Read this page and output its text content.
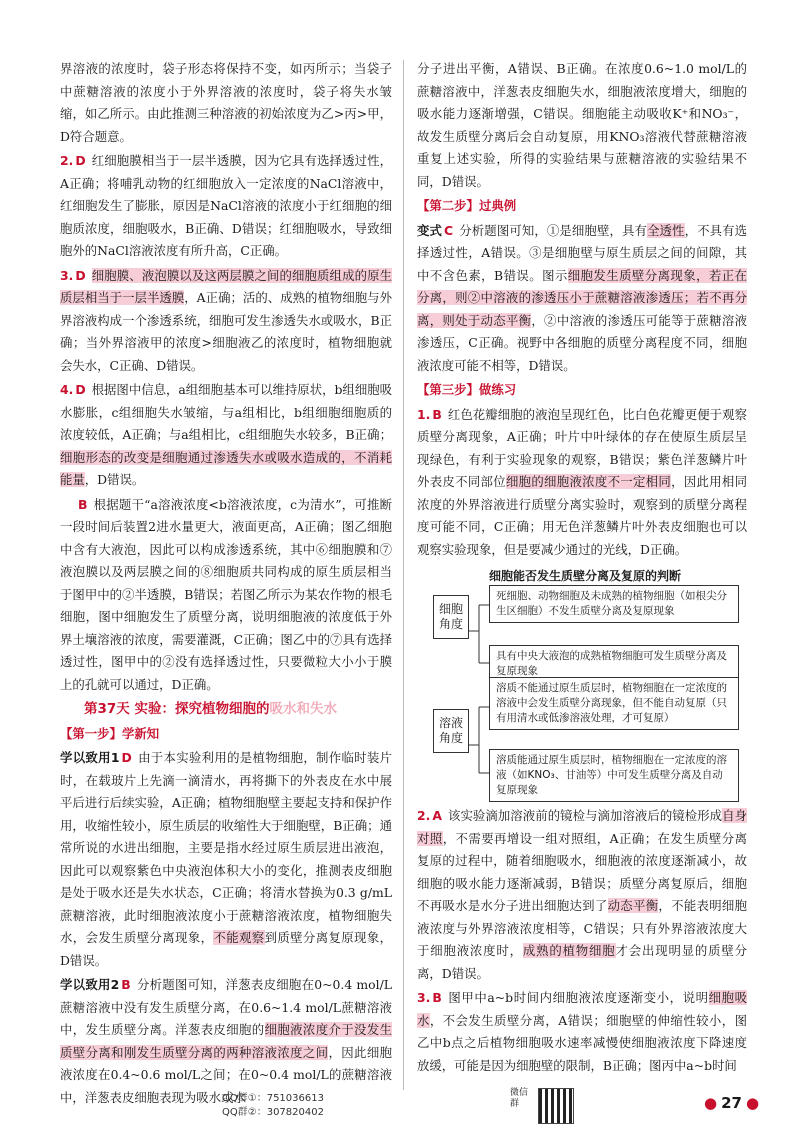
界溶液的浓度时，袋子形态将保持不变，如丙所示；当袋子中蔗糖溶液的浓度小于外界溶液的浓度时，袋子将失水皱缩，如乙所示。由此推测三种溶液的初始浓度为乙>丙>甲，D符合题意。

2. D 红细胞膜相当于一层半透膜，因为它具有选择透过性，A正确；将哺乳动物的红细胞放入一定浓度的NaCl溶液中，红细胞发生了膨胀，原因是NaCl溶液的浓度小于红细胞的细胞质浓度，细胞吸水，B正确、D错误；红细胞吸水，导致细胞外的NaCl溶液浓度有所升高，C正确。

3. D 细胞膜、液泡膜以及这两层膜之间的细胞质组成的原生质层相当于一层半透膜，A正确；活的、成熟的植物细胞与外界溶液构成一个渗透系统，细胞可发生渗透失水或吸水，B正确；当外界溶液甲的浓度>细胞液乙的浓度时，植物细胞就会失水，C正确、D错误。

4. D 根据图中信息，a组细胞基本可以维持原状，b组细胞吸水膨胀，c组细胞失水皱缩，与a组相比，b组细胞细胞质的浓度较低，A正确；与a组相比，c组细胞失水较多，B正确；细胞形态的改变是细胞通过渗透失水或吸水造成的，不消耗能量，D错误。

B 根据题干“a溶液浓度<b溶液浓度，c为清水”，可推断一段时间后装置2进水量更大，液面更高，A正确；图乙细胞中含有大液泡，因此可以构成渗透系统，其中⑥细胞膜和⑦液泡膜以及两层膜之间的⑧细胞质共同构成的原生质层相当于图甲中的②半透膜，B错误；若图乙所示为某农作物的根毛细胞，图中细胞发生了质壁分离，说明细胞液的浓度低于外界土壤溶液的浓度，需要灌溉，C正确；图乙中的⑦具有选择透过性，图甲中的②没有选择透过性，只要微粒大小小于膜上的孔就可以通过，D正确。

第37天 实验：探究植物细胞的吸水和失水
【第一步】学新知

学以致用1 D 由于本实验利用的是植物细胞，制作临时装片时，在载玻片上先滴一滴清水，再将撕下的外表皮在水中展平后进行后续实验，A正确；植物细胞壁主要起支持和保护作用，收缩性较小，原生质层的收缩性大于细胞壁，B正确；通常所说的水进出细胞，主要是指水经过原生质层进出液泡，因此可以观察紫色中央液泡体积大小的变化，推测表皮细胞是处于吸水还是失水状态，C正确；将清水替换为0.3 g/mL蔗糖溶液，此时细胞液浓度小于蔗糖溶液浓度，植物细胞失水，会发生质壁分离现象，不能观察到质壁分离复原现象，D错误。

学以致用2 B 分析题图可知，洋葱表皮细胞在0~0.4 mol/L蔗糖溶液中没有发生质壁分离，在0.6~1.4 mol/L蔗糖溶液中，发生质壁分离。洋葱表皮细胞的细胞液浓度介于没发生质壁分离和刚发生质壁分离的两种溶液浓度之间，因此细胞液浓度在0.4~0.6 mol/L之间；在0~0.4 mol/L的蔗糖溶液中，洋葱表皮细胞表现为吸水或水

分子进出平衡，A错误、B正确。在浓度0.6~1.0 mol/L的蔗糖溶液中，洋葱表皮细胞失水，细胞液浓度增大，细胞的吸水能力逐渐增强，C错误。细胞能主动吸收K⁺和NO₃⁻，故发生质壁分离后会自动复原，用KNO₃溶液代替蔗糖溶液重复上述实验，所得的实验结果与蔗糖溶液的实验结果不同，D错误。

【第二步】过典例

变式 C 分析题图可知，①是细胞壁，具有全透性，不具有选择透过性，A错误。③是细胞壁与原生质层之间的间隙，其中不含色素，B错误。图示细胞发生质壁分离现象，若正在分离，则②中溶液的渗透压小于蔗糖溶液渗透压；若不再分离，则处于动态平衡，②中溶液的渗透压可能等于蔗糖溶液渗透压，C正确。视野中各细胞的质壁分离程度不同，细胞液浓度可能不相等，D错误。

【第三步】做练习

1. B 红色花瓣细胞的液泡呈现红色，比白色花瓣更便于观察质壁分离现象，A正确；叶片中叶绿体的存在使原生质层呈现绿色，有利于实验现象的观察，B错误；紫色洋葱鳞片叶外表皮不同部位细胞的细胞液浓度不一定相同，因此用相同浓度的外界溶液进行质壁分离实验时，观察到的质壁分离程度可能不同，C正确；用无色洋葱鳞片叶外表皮细胞也可以观察实验现象，但是要减少通过的光线，D正确。

细胞能否发生质壁分离及复原的判断
细胞角度
溶液角度
死细胞、动物细胞及未成熟的植物细胞（如根尖分生区细胞）不发生质壁分离及复原现象
具有中央大液泡的成熟植物细胞可发生质壁分离及复原现象
溶质不能通过原生质层时，植物细胞在一定浓度的溶液中会发生质壁分离现象，但不能自动复原（只有用清水或低渗溶液处理，才可复原）
溶质能通过原生质层时，植物细胞在一定浓度的溶液（如KNO₃、甘油等）中可发生质壁分离及自动复原现象

2. A 该实验滴加溶液前的镜检与滴加溶液后的镜检形成自身对照，不需要再增设一组对照组，A正确；在发生质壁分离复原的过程中，随着细胞吸水，细胞液的浓度逐渐减小，故细胞的吸水能力逐渐减弱，B错误；质壁分离复原后，细胞不再吸水是水分子进出细胞达到了动态平衡，不能表明细胞液浓度与外界溶液浓度相等，C错误；只有外界溶液浓度大于细胞液浓度时，成熟的植物细胞才会出现明显的质壁分离，D错误。

3. B 图甲中a~b时间内细胞液浓度逐渐变小，说明细胞吸水，不会发生质壁分离，A错误；细胞壁的伸缩性较小，图乙中b点之后植物细胞吸水速率减慢使细胞液浓度下降速度放缓，可能是因为细胞壁的限制，B正确；图丙中a~b时间

QQ群①：751036613
QQ群②：307820402
微信群	● 27 ●
